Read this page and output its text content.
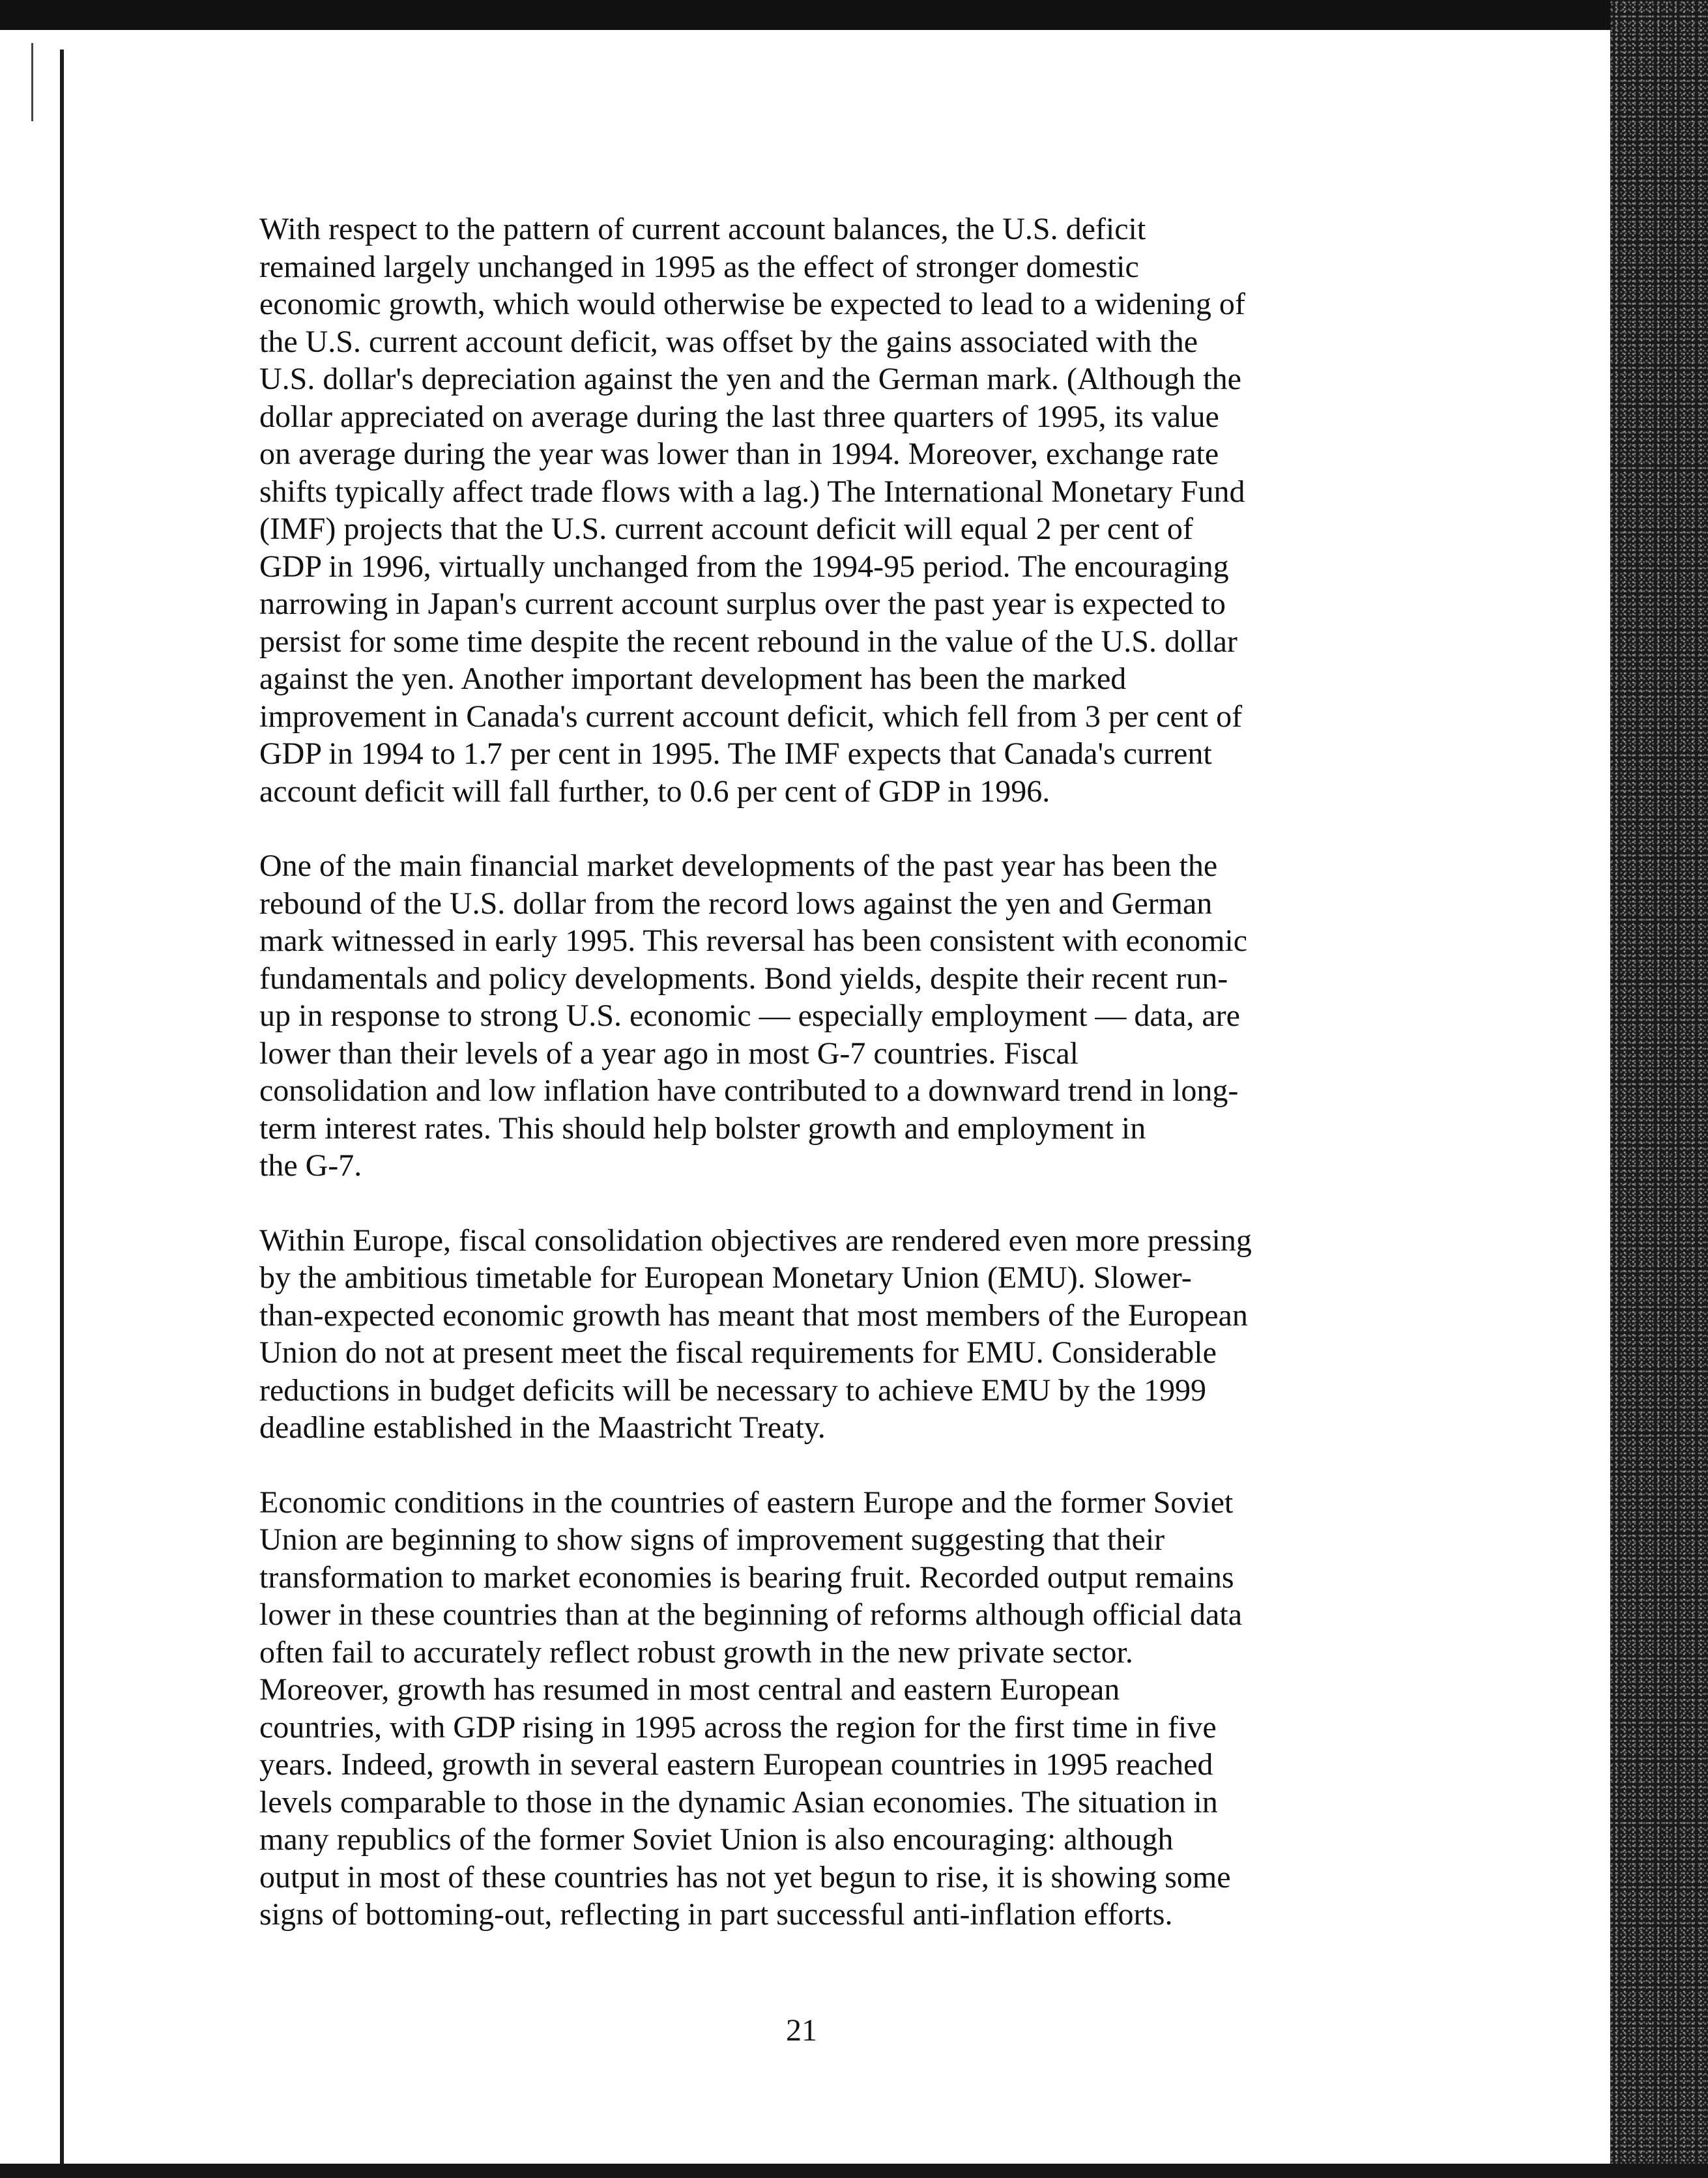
With respect to the pattern of current account balances, the U.S. deficit
remained largely unchanged in 1995 as the effect of stronger domestic
economic growth, which would otherwise be expected to lead to a widening of
the U.S. current account deficit, was offset by the gains associated with the
U.S. dollar's depreciation against the yen and the German mark. (Although the
dollar appreciated on average during the last three quarters of 1995, its value
on average during the year was lower than in 1994. Moreover, exchange rate
shifts typically affect trade flows with a lag.) The International Monetary Fund
(IMF) projects that the U.S. current account deficit will equal 2 per cent of
GDP in 1996, virtually unchanged from the 1994-95 period. The encouraging
narrowing in Japan's current account surplus over the past year is expected to
persist for some time despite the recent rebound in the value of the U.S. dollar
against the yen. Another important development has been the marked
improvement in Canada's current account deficit, which fell from 3 per cent of
GDP in 1994 to 1.7 per cent in 1995. The IMF expects that Canada's current
account deficit will fall further, to 0.6 per cent of GDP in 1996.

One of the main financial market developments of the past year has been the
rebound of the U.S. dollar from the record lows against the yen and German
mark witnessed in early 1995. This reversal has been consistent with economic
fundamentals and policy developments. Bond yields, despite their recent run-
up in response to strong U.S. economic — especially employment — data, are
lower than their levels of a year ago in most G-7 countries. Fiscal
consolidation and low inflation have contributed to a downward trend in long-
term interest rates. This should help bolster growth and employment in
the G-7.

Within Europe, fiscal consolidation objectives are rendered even more pressing
by the ambitious timetable for European Monetary Union (EMU). Slower-
than-expected economic growth has meant that most members of the European
Union do not at present meet the fiscal requirements for EMU. Considerable
reductions in budget deficits will be necessary to achieve EMU by the 1999
deadline established in the Maastricht Treaty.

Economic conditions in the countries of eastern Europe and the former Soviet
Union are beginning to show signs of improvement suggesting that their
transformation to market economies is bearing fruit. Recorded output remains
lower in these countries than at the beginning of reforms although official data
often fail to accurately reflect robust growth in the new private sector.
Moreover, growth has resumed in most central and eastern European
countries, with GDP rising in 1995 across the region for the first time in five
years. Indeed, growth in several eastern European countries in 1995 reached
levels comparable to those in the dynamic Asian economies. The situation in
many republics of the former Soviet Union is also encouraging: although
output in most of these countries has not yet begun to rise, it is showing some
signs of bottoming-out, reflecting in part successful anti-inflation efforts.

21
